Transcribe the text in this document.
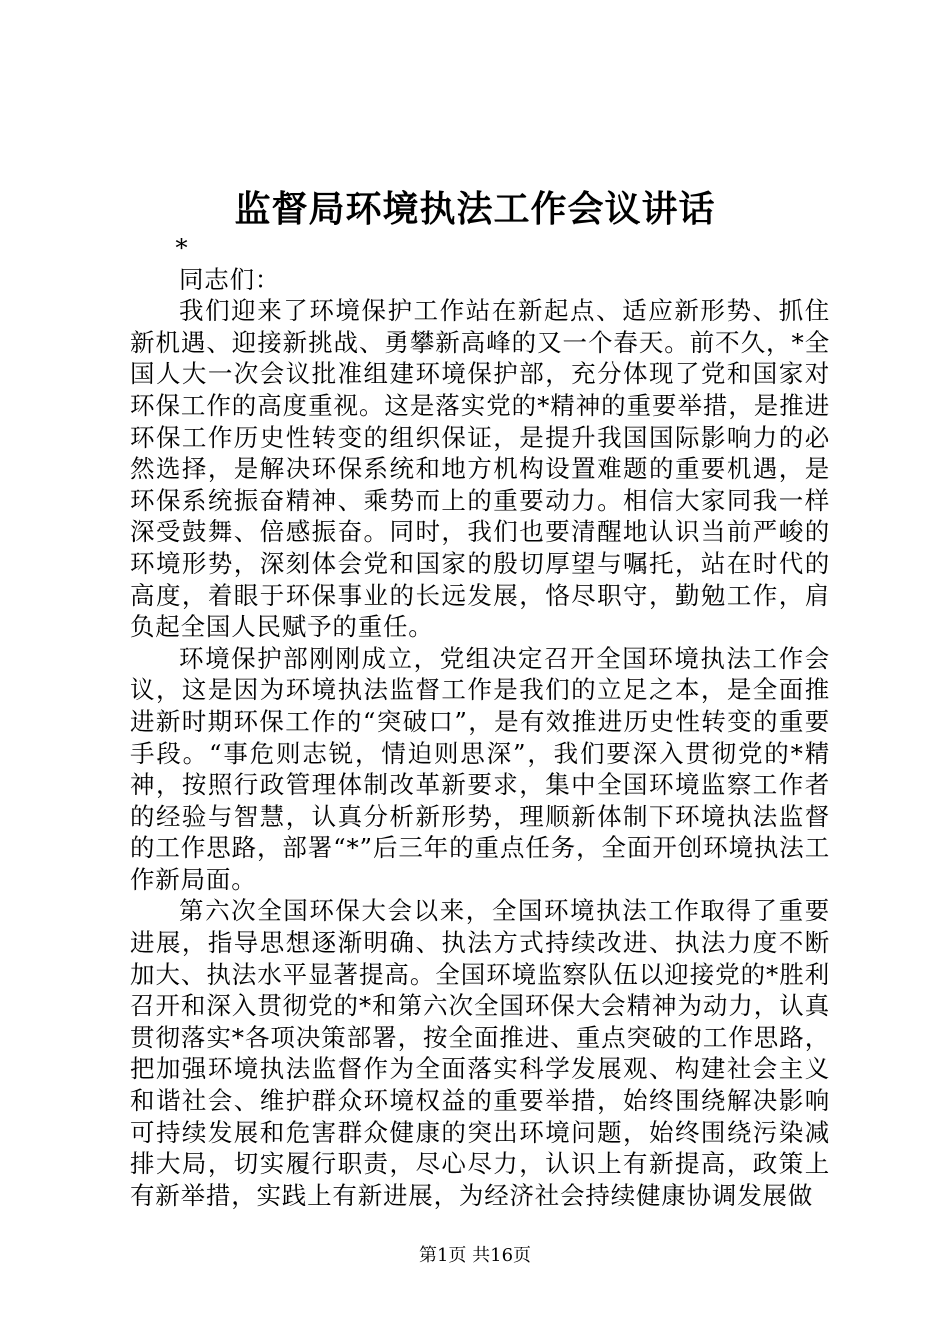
监督局环境执法工作会议讲话

*

同志们：

我们迎来了环境保护工作站在新起点、适应新形势、抓住新机遇、迎接新挑战、勇攀新高峰的又一个春天。前不久，*全国人大一次会议批准组建环境保护部，充分体现了党和国家对环保工作的高度重视。这是落实党的*精神的重要举措，是推进环保工作历史性转变的组织保证，是提升我国国际影响力的必然选择，是解决环保系统和地方机构设置难题的重要机遇，是环保系统振奋精神、乘势而上的重要动力。相信大家同我一样深受鼓舞、倍感振奋。同时，我们也要清醒地认识当前严峻的环境形势，深刻体会党和国家的殷切厚望与嘱托，站在时代的高度，着眼于环保事业的长远发展，恪尽职守，勤勉工作，肩负起全国人民赋予的重任。

环境保护部刚刚成立，党组决定召开全国环境执法工作会议，这是因为环境执法监督工作是我们的立足之本，是全面推进新时期环保工作的“突破口”，是有效推进历史性转变的重要手段。“事危则志锐，情迫则思深”，我们要深入贯彻党的*精神，按照行政管理体制改革新要求，集中全国环境监察工作者的经验与智慧，认真分析新形势，理顺新体制下环境执法监督的工作思路，部署“*”后三年的重点任务，全面开创环境执法工作新局面。

第六次全国环保大会以来，全国环境执法工作取得了重要进展，指导思想逐渐明确、执法方式持续改进、执法力度不断加大、执法水平显著提高。全国环境监察队伍以迎接党的*胜利召开和深入贯彻党的*和第六次全国环保大会精神为动力，认真贯彻落实*各项决策部署，按全面推进、重点突破的工作思路，把加强环境执法监督作为全面落实科学发展观、构建社会主义和谐社会、维护群众环境权益的重要举措，始终围绕解决影响可持续发展和危害群众健康的突出环境问题，始终围绕污染减排大局，切实履行职责，尽心尽力，认识上有新提高，政策上有新举措，实践上有新进展，为经济社会持续健康协调发展做

第1页 共16页
